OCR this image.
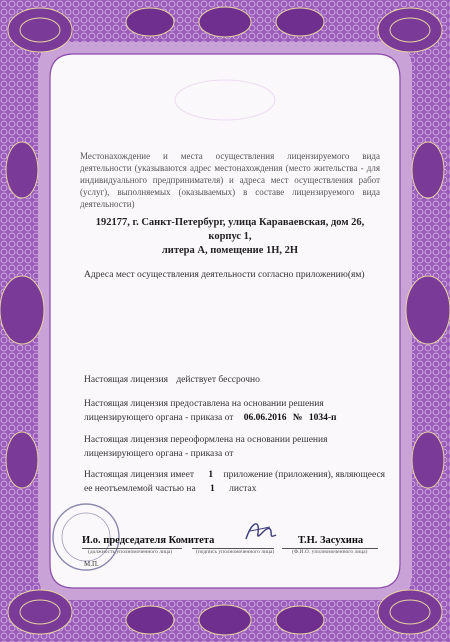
Местонахождение и места осуществления лицензируемого вида деятельности (указываются адрес местонахождения (место жительства - для индивидуального предпринимателя) и адреса мест осуществления работ (услуг), выполняемых (оказываемых) в составе лицензируемого вида деятельности)
192177, г. Санкт-Петербург, улица Караваевская, дом 26, корпус 1,
литера А, помещение 1Н, 2Н
Адреса мест осуществления деятельности согласно приложению(ям)
Настоящая лицензия действует бессрочно
Настоящая лицензия предоставлена на основании решения
лицензирующего органа - приказа от 06.06.2016 № 1034-п
Настоящая лицензия переоформлена на основании решения
лицензирующего органа - приказа от
Настоящая лицензия имеет 1 приложение (приложения), являющееся
ее неотъемлемой частью на 1 листах
М.П.
И.о. председателя Комитета	Т.Н. Засухина
(должность уполномоченного лица)	(подпись уполномоченного лица)	(Ф.И.О. уполномоченного лица)
